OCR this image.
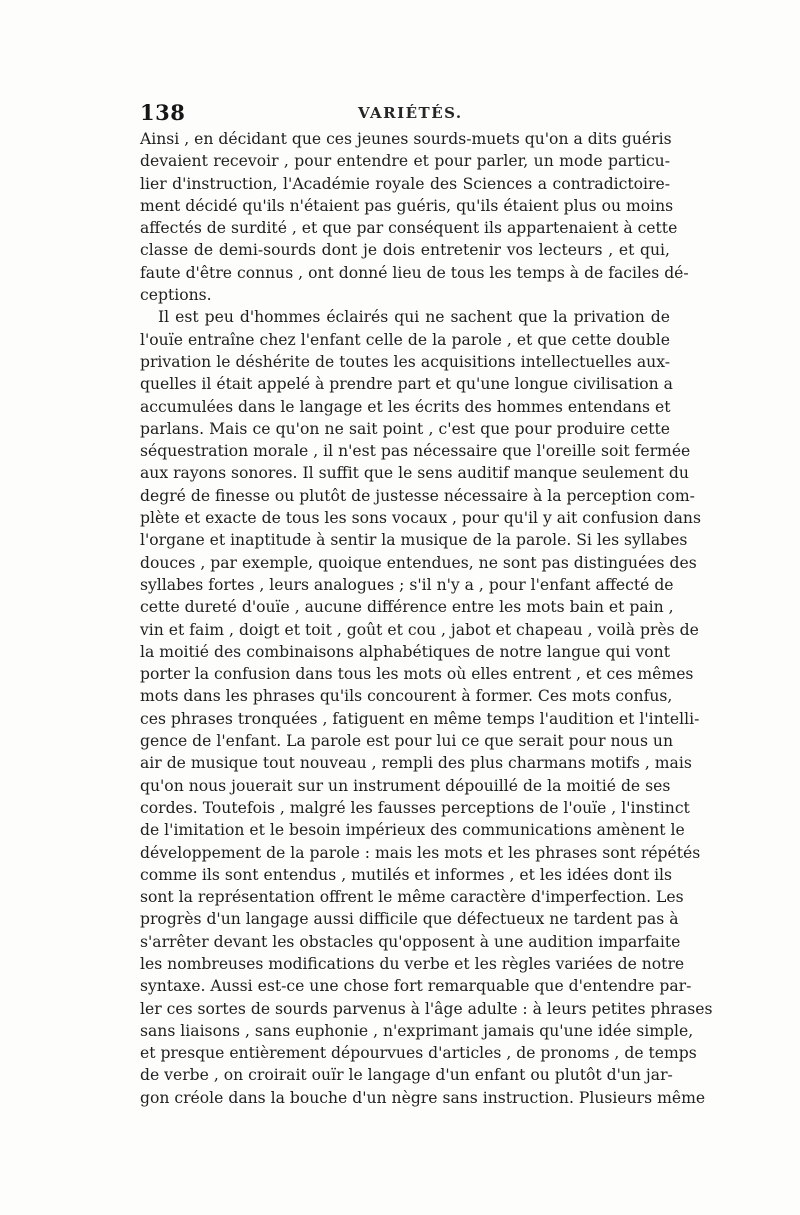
138	VARIÉTÉS.
Ainsi , en décidant que ces jeunes sourds-muets qu'on a dits guéris
devaient recevoir , pour entendre et pour parler, un mode particu-
lier d'instruction, l'Académie royale des Sciences a contradictoire-
ment décidé qu'ils n'étaient pas guéris, qu'ils étaient plus ou moins
affectés de surdité , et que par conséquent ils appartenaient à cette
classe de demi-sourds dont je dois entretenir vos lecteurs , et qui,
faute d'être connus , ont donné lieu de tous les temps à de faciles dé-
ceptions.
Il est peu d'hommes éclairés qui ne sachent que la privation de
l'ouïe entraîne chez l'enfant celle de la parole , et que cette double
privation le déshérite de toutes les acquisitions intellectuelles aux-
quelles il était appelé à prendre part et qu'une longue civilisation a
accumulées dans le langage et les écrits des hommes entendans et
parlans. Mais ce qu'on ne sait point , c'est que pour produire cette
séquestration morale , il n'est pas nécessaire que l'oreille soit fermée
aux rayons sonores. Il suffit que le sens auditif manque seulement du
degré de finesse ou plutôt de justesse nécessaire à la perception com-
plète et exacte de tous les sons vocaux , pour qu'il y ait confusion dans
l'organe et inaptitude à sentir la musique de la parole. Si les syllabes
douces , par exemple, quoique entendues, ne sont pas distinguées des
syllabes fortes , leurs analogues ; s'il n'y a , pour l'enfant affecté de
cette dureté d'ouïe , aucune différence entre les mots bain et pain ,
vin et faim , doigt et toit , goût et cou , jabot et chapeau , voilà près de
la moitié des combinaisons alphabétiques de notre langue qui vont
porter la confusion dans tous les mots où elles entrent , et ces mêmes
mots dans les phrases qu'ils concourent à former. Ces mots confus,
ces phrases tronquées , fatiguent en même temps l'audition et l'intelli-
gence de l'enfant. La parole est pour lui ce que serait pour nous un
air de musique tout nouveau , rempli des plus charmans motifs , mais
qu'on nous jouerait sur un instrument dépouillé de la moitié de ses
cordes. Toutefois , malgré les fausses perceptions de l'ouïe , l'instinct
de l'imitation et le besoin impérieux des communications amènent le
développement de la parole : mais les mots et les phrases sont répétés
comme ils sont entendus , mutilés et informes , et les idées dont ils
sont la représentation offrent le même caractère d'imperfection. Les
progrès d'un langage aussi difficile que défectueux ne tardent pas à
s'arrêter devant les obstacles qu'opposent à une audition imparfaite
les nombreuses modifications du verbe et les règles variées de notre
syntaxe. Aussi est-ce une chose fort remarquable que d'entendre par-
ler ces sortes de sourds parvenus à l'âge adulte : à leurs petites phrases
sans liaisons , sans euphonie , n'exprimant jamais qu'une idée simple,
et presque entièrement dépourvues d'articles , de pronoms , de temps
de verbe , on croirait ouïr le langage d'un enfant ou plutôt d'un jar-
gon créole dans la bouche d'un nègre sans instruction. Plusieurs même
